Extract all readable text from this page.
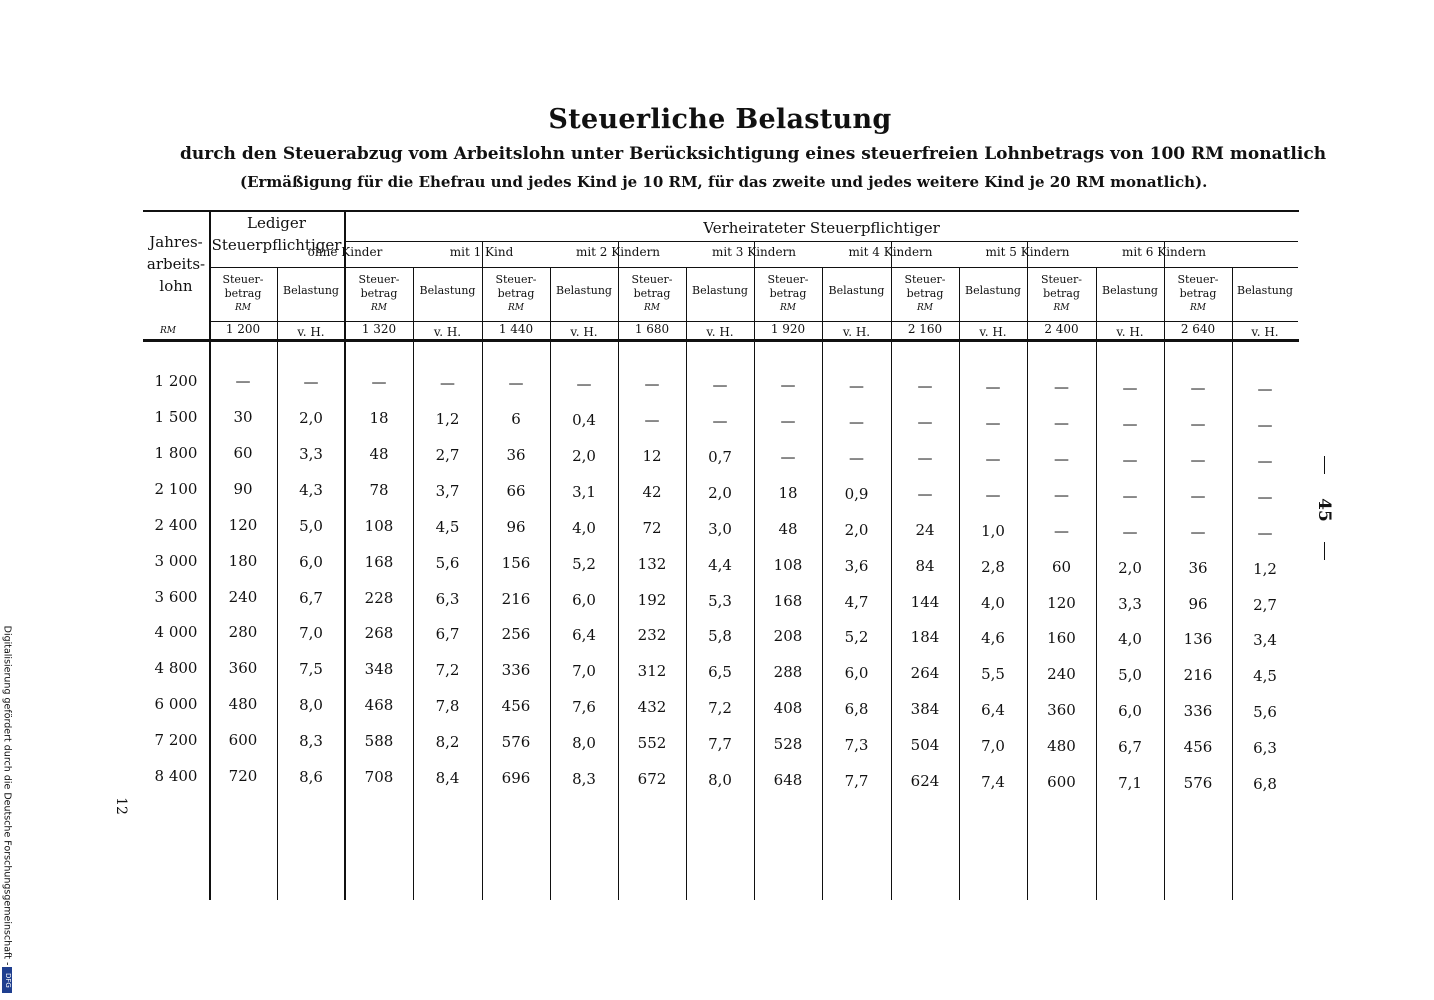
Steuerliche Belastung
durch den Steuerabzug vom Arbeitslohn unter Berücksichtigung eines steuerfreien Lohnbetrags von 100 RM monatlich
(Ermäßigung für die Ehefrau und jedes Kind je 10 RM, für das zweite und jedes weitere Kind je 20 RM monatlich).
Jahres-
arbeits-
lohn
RM
Lediger
Steuerpflichtiger
Verheirateter Steuerpflichtiger
ohne Kinder	mit 1 Kind	mit 2 Kindern	mit 3 Kindern	mit 4 Kindern	mit 5 Kindern	mit 6 Kindern
Steuer-
betrag
RM
Belastung
1 200	v. H.
Steuer-
betrag
RM
Belastung
1 320	v. H.
Steuer-
betrag
RM
Belastung
1 440	v. H.
Steuer-
betrag
RM
Belastung
1 680	v. H.
Steuer-
betrag
RM
Belastung
1 920	v. H.
Steuer-
betrag
RM
Belastung
2 160	v. H.
Steuer-
betrag
RM
Belastung
2 400	v. H.
Steuer-
betrag
RM
Belastung
2 640	v. H.
1 200	—	—	—	—	—	—	—	—	—	—	—	—	—	—	—	—
1 500	30	2,0	18	1,2	6	0,4	—	—	—	—	—	—	—	—	—	—
1 800	60	3,3	48	2,7	36	2,0	12	0,7	—	—	—	—	—	—	—	—
2 100	90	4,3	78	3,7	66	3,1	42	2,0	18	0,9	—	—	—	—	—	—
2 400	120	5,0	108	4,5	96	4,0	72	3,0	48	2,0	24	1,0	—	—	—	—
3 000	180	6,0	168	5,6	156	5,2	132	4,4	108	3,6	84	2,8	60	2,0	36	1,2
3 600	240	6,7	228	6,3	216	6,0	192	5,3	168	4,7	144	4,0	120	3,3	96	2,7
4 000	280	7,0	268	6,7	256	6,4	232	5,8	208	5,2	184	4,6	160	4,0	136	3,4
4 800	360	7,5	348	7,2	336	7,0	312	6,5	288	6,0	264	5,5	240	5,0	216	4,5
6 000	480	8,0	468	7,8	456	7,6	432	7,2	408	6,8	384	6,4	360	6,0	336	5,6
7 200	600	8,3	588	8,2	576	8,0	552	7,7	528	7,3	504	7,0	480	6,7	456	6,3
8 400	720	8,6	708	8,4	696	8,3	672	8,0	648	7,7	624	7,4	600	7,1	576	6,8
Digitalisierung gefördert durch die Deutsche Forschungsgemeinschaft -
DFG
12
45
